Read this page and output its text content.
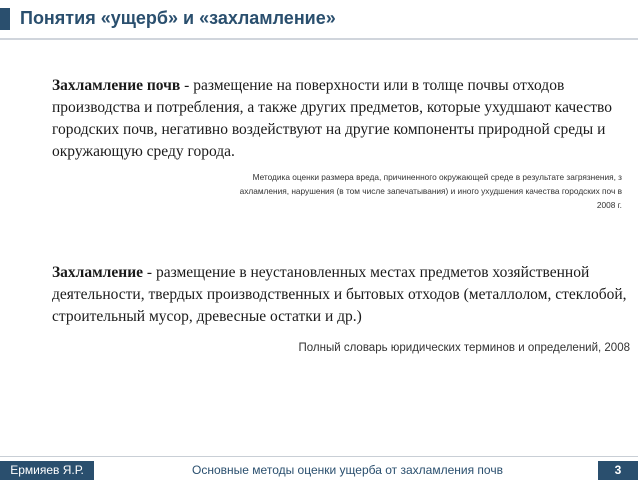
Понятия «ущерб» и «захламление»
Захламление почв - размещение на поверхности или в толще почвы отходов производства и потребления, а также других предметов, которые ухудшают качество городских почв, негативно воздействуют на другие компоненты природной среды и окружающую среду города.
Методика оценки размера вреда, причиненного окружающей среде в результате загрязнения, з ахламления, нарушения (в том числе запечатывания) и иного ухудшения качества городских поч в 2008 г.
Захламление - размещение в неустановленных местах предметов хозяйственной деятельности, твердых производственных и бытовых отходов (металлолом, стеклобой, строительный мусор, древесные остатки и др.)
Полный словарь юридических терминов и определений, 2008
Ермияев Я.Р.	Основные методы оценки ущерба от захламления почв	3
